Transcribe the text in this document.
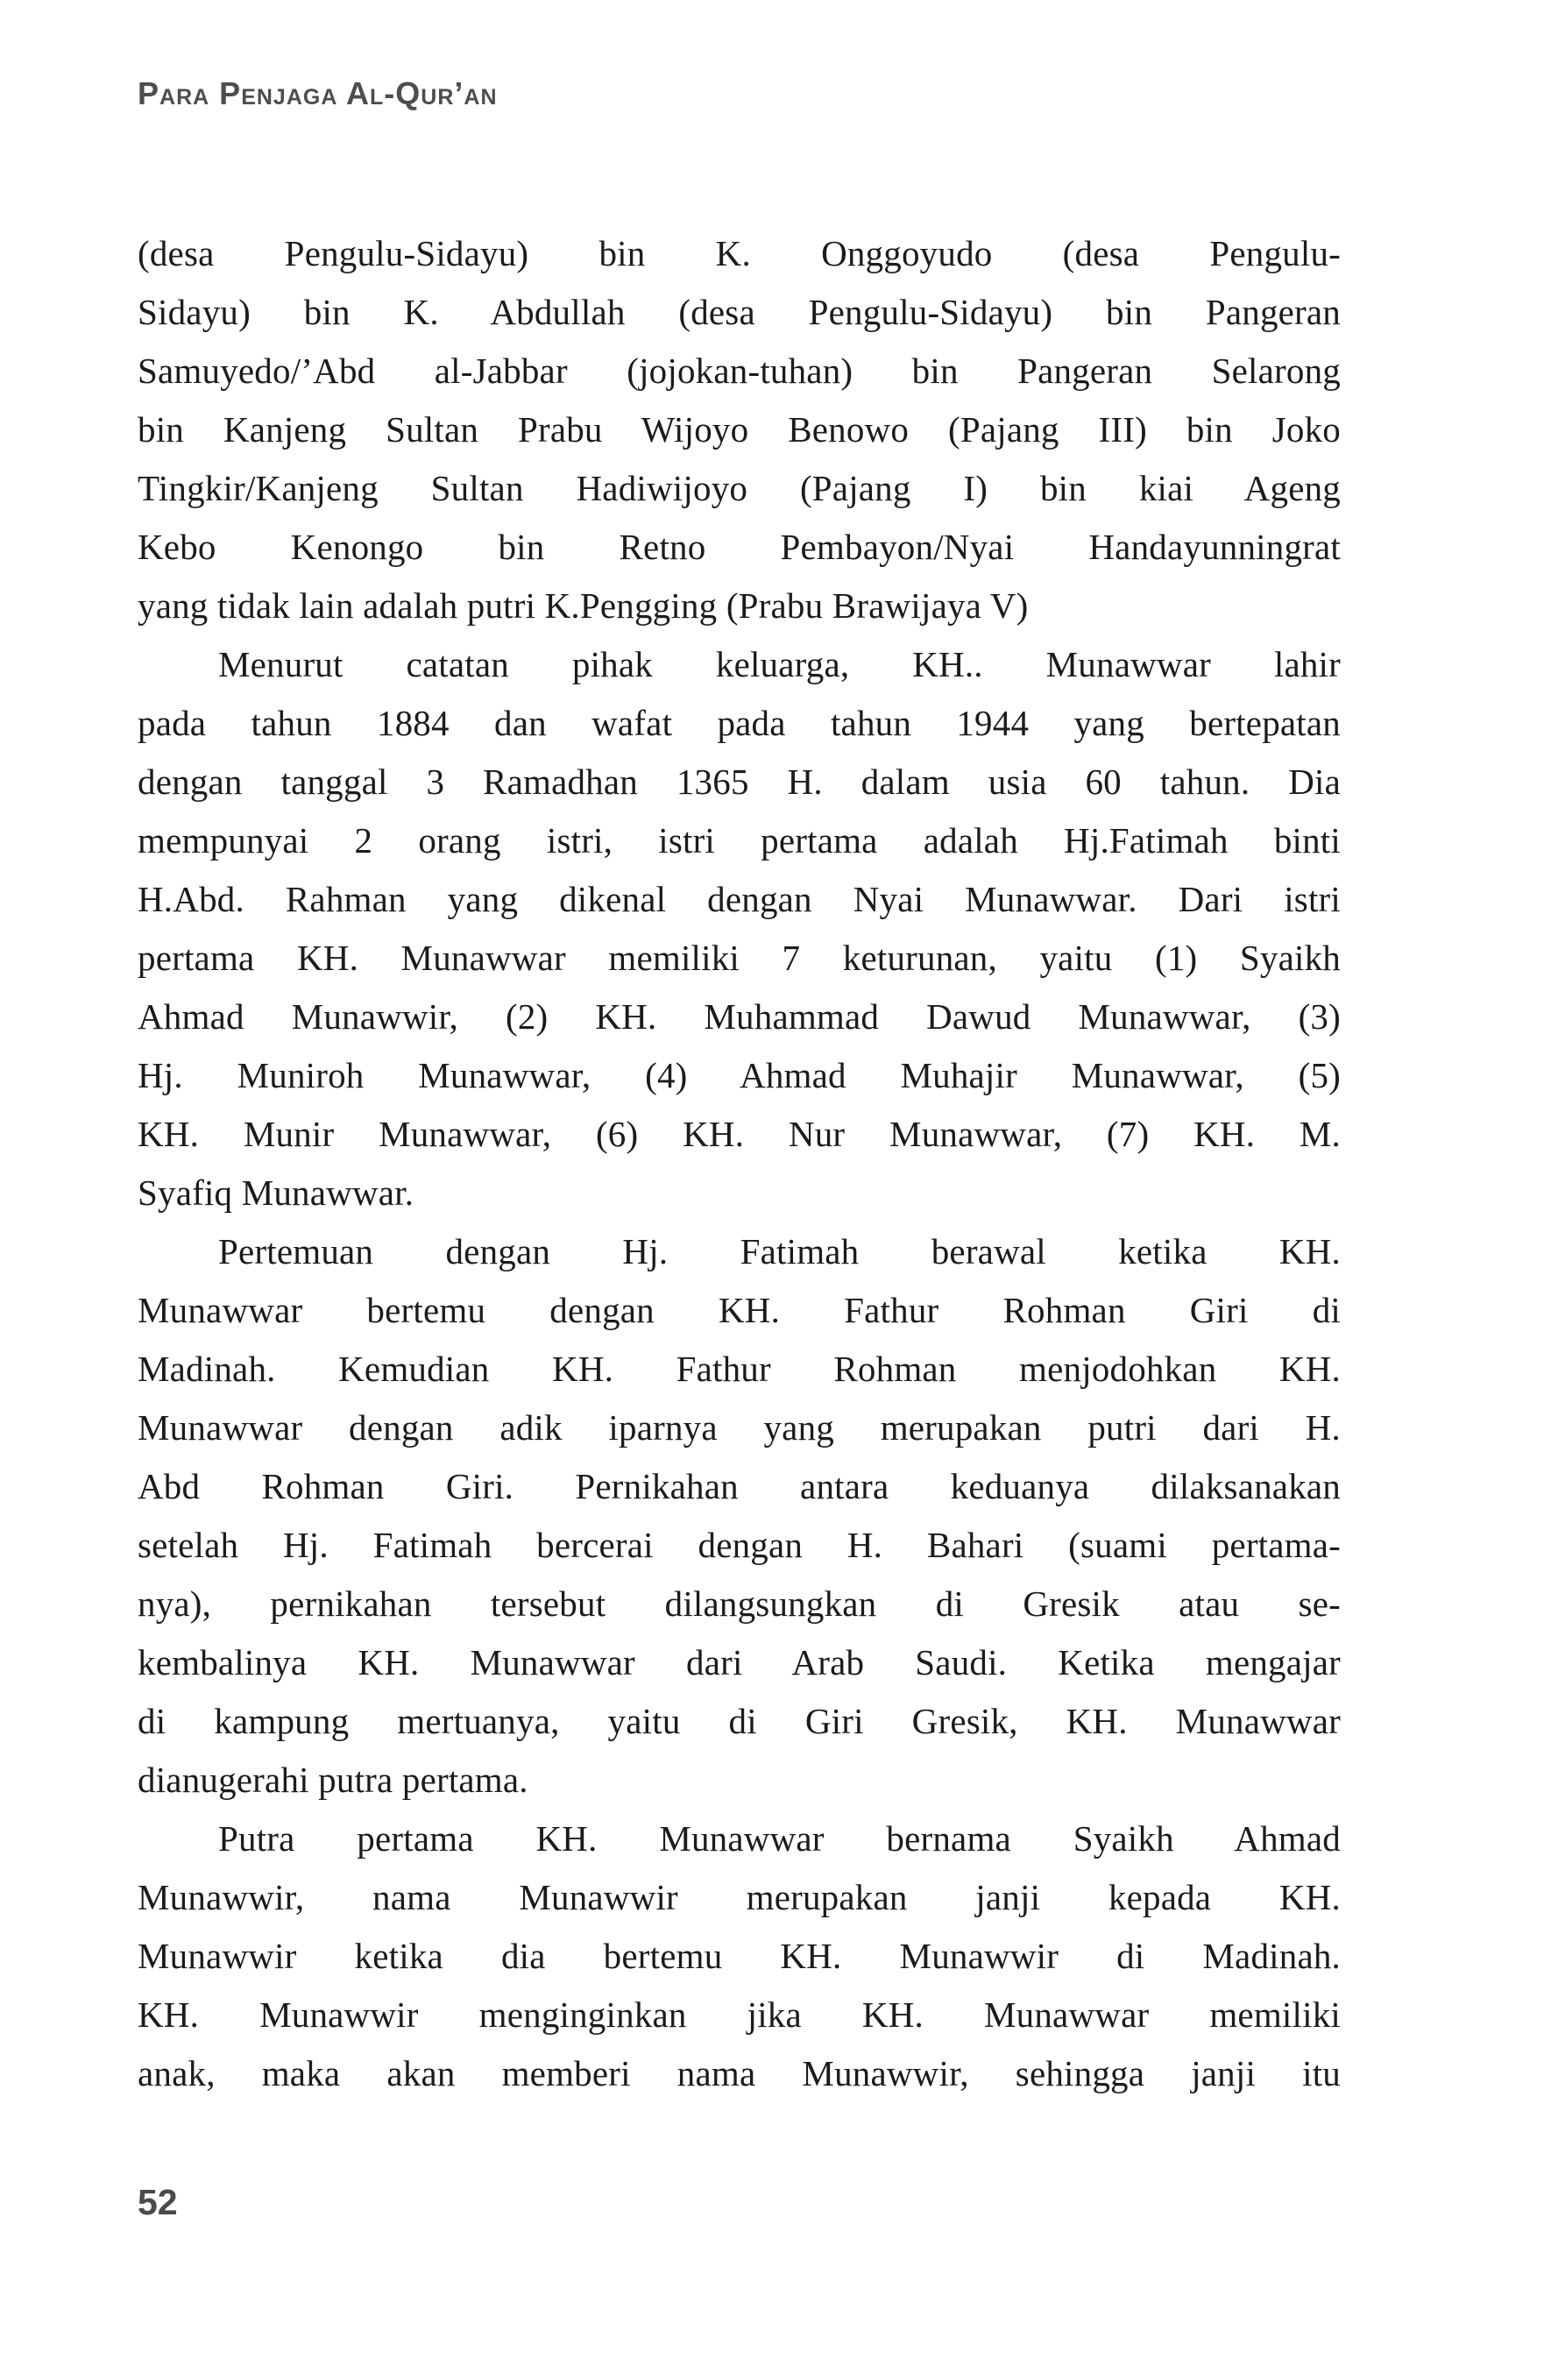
Para Penjaga Al-Qur’an
(desa Pengulu-Sidayu) bin K. Onggoyudo (desa Pengulu-
Sidayu) bin K. Abdullah (desa Pengulu-Sidayu) bin Pangeran
Samuyedo/’Abd al-Jabbar (jojokan-tuhan) bin Pangeran Selarong
bin Kanjeng Sultan Prabu Wijoyo Benowo (Pajang III) bin Joko
Tingkir/Kanjeng Sultan Hadiwijoyo (Pajang I) bin kiai Ageng
Kebo Kenongo bin Retno Pembayon/Nyai Handayunningrat
yang tidak lain adalah putri K.Pengging (Prabu Brawijaya V)
Menurut catatan pihak keluarga, KH.. Munawwar lahir
pada tahun 1884 dan wafat pada tahun 1944 yang bertepatan
dengan tanggal 3 Ramadhan 1365 H. dalam usia 60 tahun. Dia
mempunyai 2 orang istri, istri pertama adalah Hj.Fatimah binti
H.Abd. Rahman yang dikenal dengan Nyai Munawwar. Dari istri
pertama KH. Munawwar memiliki 7 keturunan, yaitu (1) Syaikh
Ahmad Munawwir, (2) KH. Muhammad Dawud Munawwar, (3)
Hj. Muniroh Munawwar, (4) Ahmad Muhajir Munawwar, (5)
KH. Munir Munawwar, (6) KH. Nur Munawwar, (7) KH. M.
Syafiq Munawwar.
Pertemuan dengan Hj. Fatimah berawal ketika KH.
Munawwar bertemu dengan KH. Fathur Rohman Giri di
Madinah. Kemudian KH. Fathur Rohman menjodohkan KH.
Munawwar dengan adik iparnya yang merupakan putri dari H.
Abd Rohman Giri. Pernikahan antara keduanya dilaksanakan
setelah Hj. Fatimah bercerai dengan H. Bahari (suami pertama-
nya), pernikahan tersebut dilangsungkan di Gresik atau se-
kembalinya KH. Munawwar dari Arab Saudi. Ketika mengajar
di kampung mertuanya, yaitu di Giri Gresik, KH. Munawwar
dianugerahi putra pertama.
Putra pertama KH. Munawwar bernama Syaikh Ahmad
Munawwir, nama Munawwir merupakan janji kepada KH.
Munawwir ketika dia bertemu KH. Munawwir di Madinah.
KH. Munawwir menginginkan jika KH. Munawwar memiliki
anak, maka akan memberi nama Munawwir, sehingga janji itu
52
